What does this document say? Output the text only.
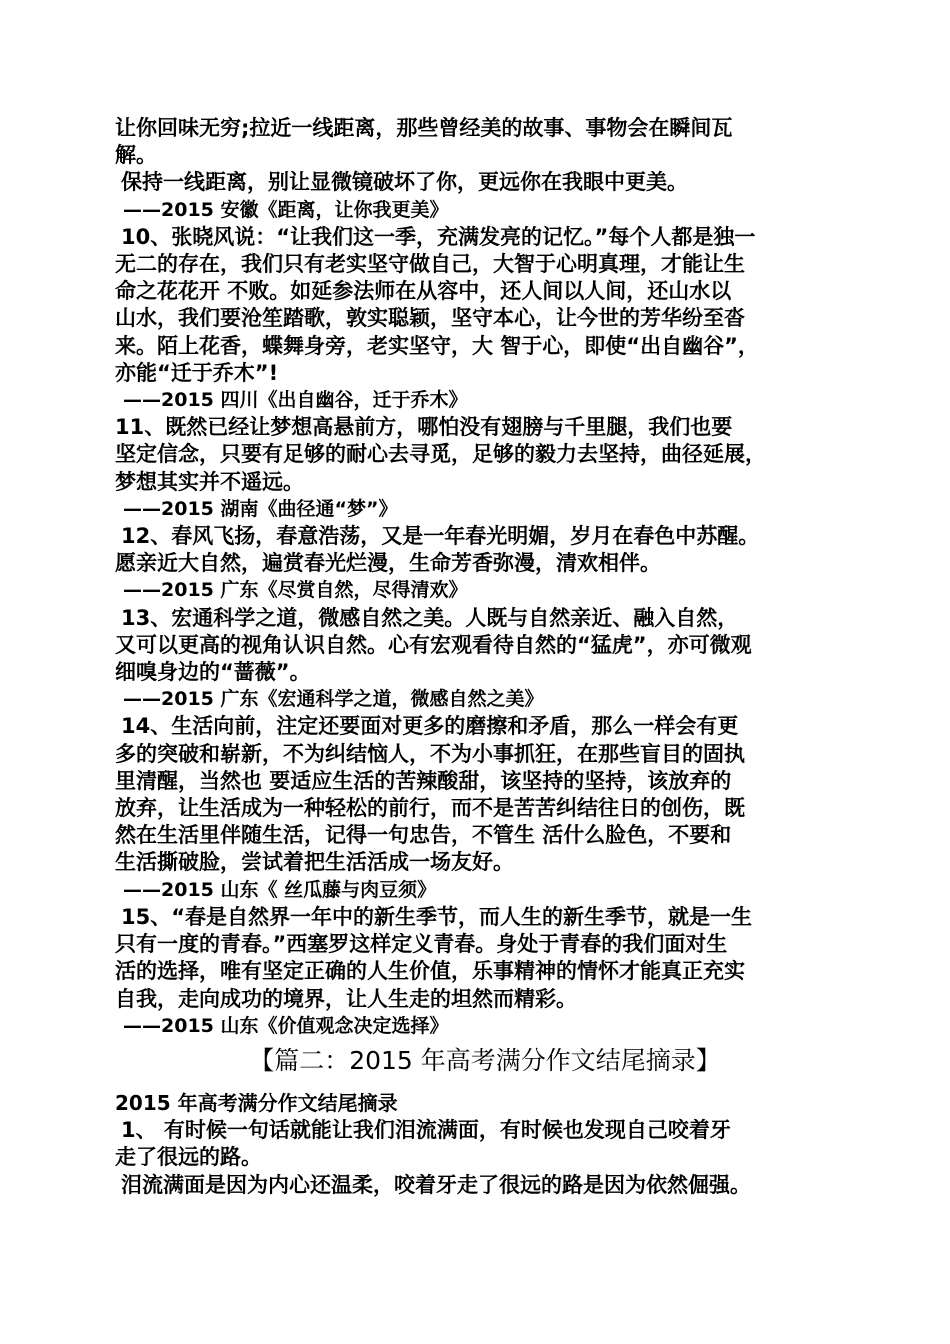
让你回味无穷;拉近一线距离，那些曾经美的故事、事物会在瞬间瓦
解。
保持一线距离，别让显微镜破坏了你，更远你在我眼中更美。
——2015 安徽《距离，让你我更美》
10、张晓风说：“让我们这一季，充满发亮的记忆。”每个人都是独一
无二的存在，我们只有老实坚守做自己，大智于心明真理，才能让生
命之花花开 不败。如延参法师在从容中，还人间以人间，还山水以
山水，我们要沧笙踏歌，敦实聪颖，坚守本心，让今世的芳华纷至沓
来。陌上花香，蝶舞身旁，老实坚守，大 智于心，即使“出自幽谷”，
亦能“迁于乔木”!
——2015 四川《出自幽谷，迁于乔木》
11、既然已经让梦想高悬前方，哪怕没有翅膀与千里腿，我们也要
坚定信念，只要有足够的耐心去寻觅，足够的毅力去坚持，曲径延展，
梦想其实并不遥远。
——2015 湖南《曲径通“梦”》
12、春风飞扬，春意浩荡，又是一年春光明媚，岁月在春色中苏醒。
愿亲近大自然，遍赏春光烂漫，生命芳香弥漫，清欢相伴。
——2015 广东《尽赏自然，尽得清欢》
13、宏通科学之道，微感自然之美。人既与自然亲近、融入自然，
又可以更高的视角认识自然。心有宏观看待自然的“猛虎”，亦可微观
细嗅身边的“蔷薇”。
——2015 广东《宏通科学之道，微感自然之美》
14、生活向前，注定还要面对更多的磨擦和矛盾，那么一样会有更
多的突破和崭新，不为纠结恼人，不为小事抓狂，在那些盲目的固执
里清醒，当然也 要适应生活的苦辣酸甜，该坚持的坚持，该放弃的
放弃，让生活成为一种轻松的前行，而不是苦苦纠结往日的创伤，既
然在生活里伴随生活，记得一句忠告，不管生 活什么脸色，不要和
生活撕破脸，尝试着把生活活成一场友好。
——2015 山东《 丝瓜藤与肉豆须》
15、“春是自然界一年中的新生季节，而人生的新生季节，就是一生
只有一度的青春。”西塞罗这样定义青春。身处于青春的我们面对生
活的选择，唯有坚定正确的人生价值，乐事精神的情怀才能真正充实
自我，走向成功的境界，让人生走的坦然而精彩。
——2015 山东《价值观念决定选择》
【篇二：2015 年高考满分作文结尾摘录】
2015 年高考满分作文结尾摘录
1、 有时候一句话就能让我们泪流满面，有时候也发现自己咬着牙
走了很远的路。
泪流满面是因为内心还温柔，咬着牙走了很远的路是因为依然倔强。
